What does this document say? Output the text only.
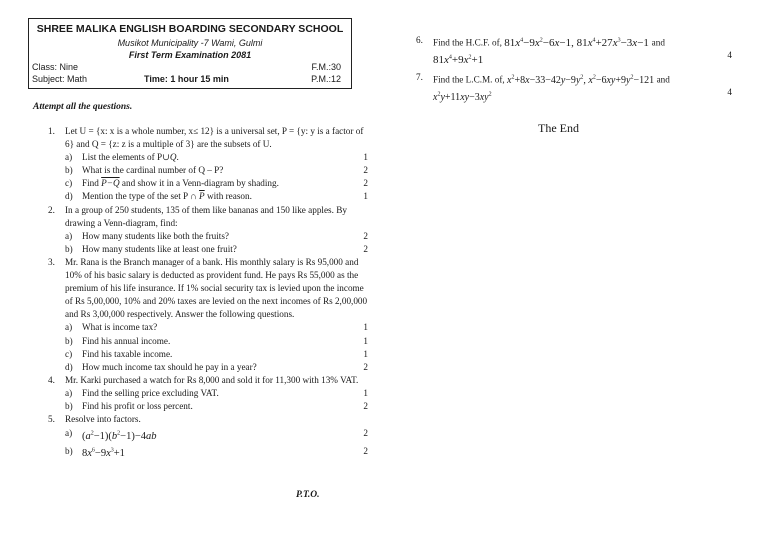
SHREE MALIKA ENGLISH BOARDING SECONDARY SCHOOL
Musikot Municipality -7 Wami, Gulmi
First Term Examination 2081
Class: Nine	F.M.:30
Subject: Math	Time: 1 hour 15 min	P.M.:12
Attempt all the questions.
1. Let U = {x: x is a whole number, x≤ 12} is a universal set, P = {y: y is a factor of 6} and Q = {z: z is a multiple of 3} are the subsets of U.
a) List the elements of P∪Q.	1
b) What is the cardinal number of Q – P?	2
c) Find P−Q and show it in a Venn-diagram by shading.	2
d) Mention the type of the set P ∩ $\overline{P}$ with reason.	1
2. In a group of 250 students, 135 of them like bananas and 150 like apples. By drawing a Venn-diagram, find:
a) How many students like both the fruits?	2
b) How many students like at least one fruit?	2
3. Mr. Rana is the Branch manager of a bank. His monthly salary is Rs 95,000 and 10% of his basic salary is deducted as provident fund. He pays Rs 55,000 as the premium of his life insurance. If 1% social security tax is levied upon the income of Rs 5,00,000, 10% and 20% taxes are levied on the next incomes of Rs 2,00,000 and Rs 3,00,000 respectively. Answer the following questions.
a) What is income tax?	1
b) Find his annual income.	1
c) Find his taxable income.	1
d) How much income tax should he pay in a year?	2
4. Mr. Karki purchased a watch for Rs 8,000 and sold it for 11,300 with 13% VAT.
a) Find the selling price excluding VAT.	1
b) Find his profit or loss percent.	2
5. Resolve into factors.
a) $(a^2-1)(b^2-1)-4ab$	2
b) $8x^6-9x^3+1$	2
P.T.O.
6. Find the H.C.F. of, $81x^4-9x^2-6x-1$, $81x^4+27x^3-3x-1$ and
$81x^4+9x^2+1$	4
7. Find the L.C.M. of, $x^2+8x-33-42y-9y^2$, $x^2-6xy+9y^2-121$ and
$x^2y+11xy-3xy^2$	4
The End
